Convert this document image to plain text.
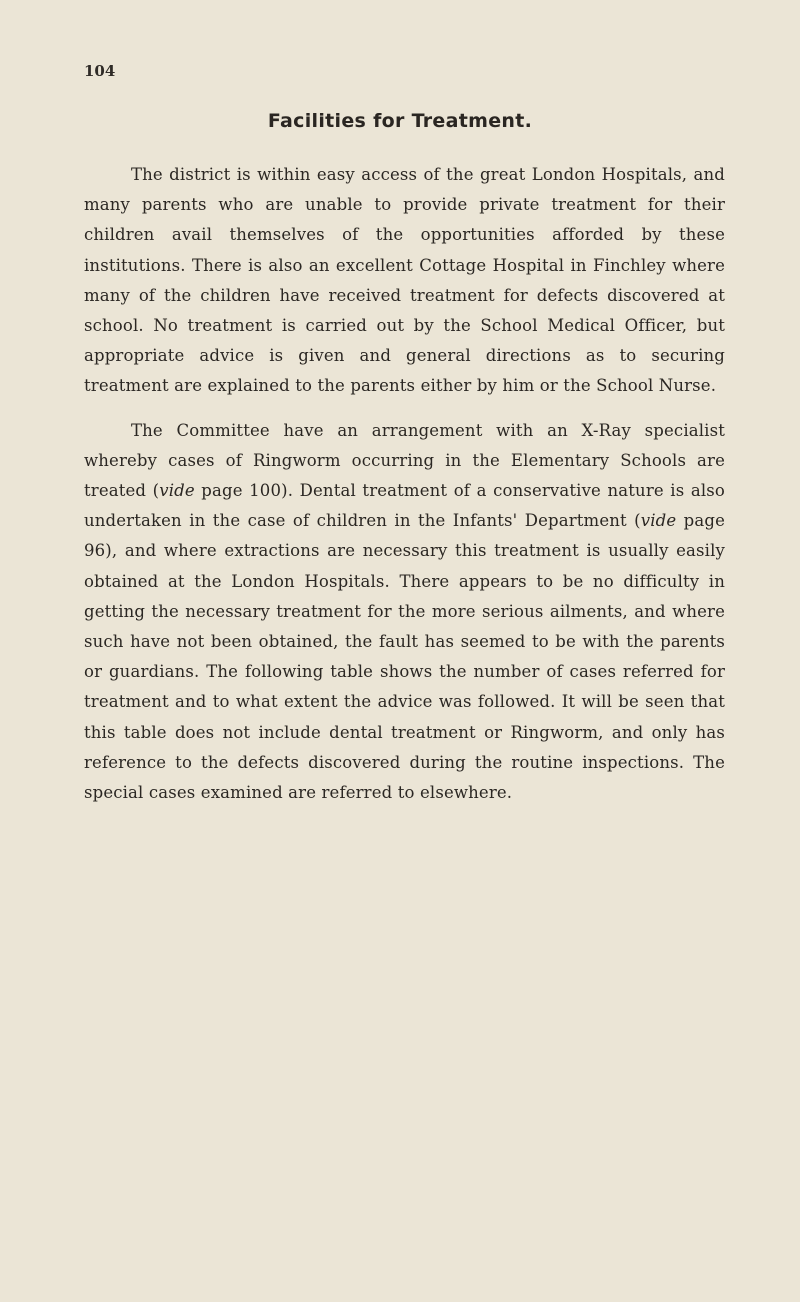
104
Facilities for Treatment.

The district is within easy access of the great London Hospitals, and many parents who are unable to provide private treatment for their children avail themselves of the opportunities afforded by these institutions. There is also an excellent Cottage Hospital in Finchley where many of the children have received treatment for defects discovered at school. No treatment is carried out by the School Medical Officer, but appropriate advice is given and general directions as to securing treatment are explained to the parents either by him or the School Nurse.

The Committee have an arrangement with an X-Ray specialist whereby cases of Ringworm occurring in the Elementary Schools are treated (vide page 100). Dental treatment of a conservative nature is also undertaken in the case of children in the Infants' Department (vide page 96), and where extractions are necessary this treatment is usually easily obtained at the London Hospitals. There appears to be no difficulty in getting the necessary treatment for the more serious ailments, and where such have not been obtained, the fault has seemed to be with the parents or guardians. The following table shows the number of cases referred for treatment and to what extent the advice was followed. It will be seen that this table does not include dental treatment or Ringworm, and only has reference to the defects discovered during the routine inspections. The special cases examined are referred to elsewhere.
